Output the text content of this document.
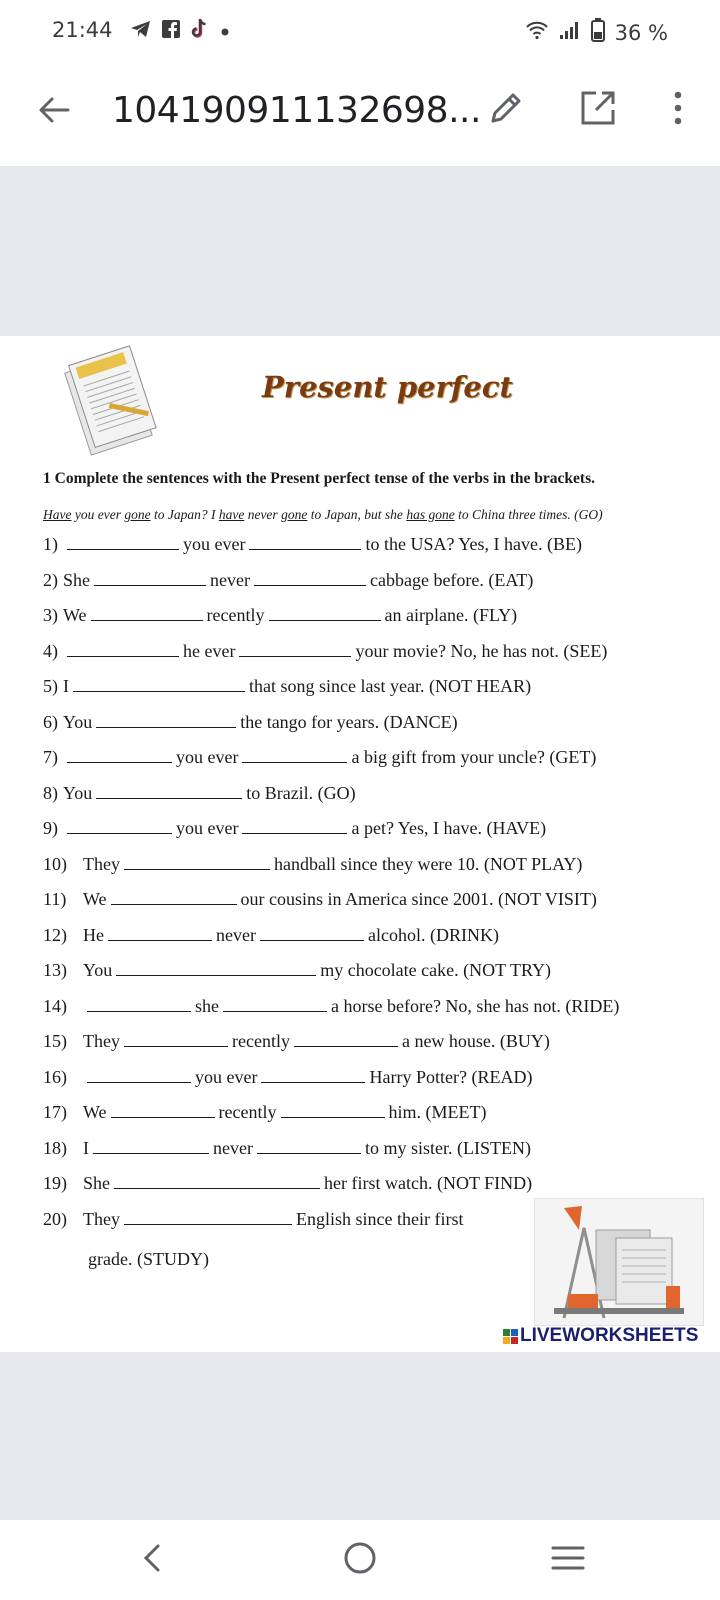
21:44	36 %
104190911132698...
Present perfect
1 Complete the sentences with the Present perfect tense of the verbs in the brackets.
Have you ever gone to Japan? I have never gone to Japan, but she has gone to China three times. (GO)
1)	you ever	to the USA? Yes, I have. (BE)
2) She	never	cabbage before. (EAT)
3) We	recently	an airplane. (FLY)
4)	he ever	your movie? No, he has not. (SEE)
5) I	that song since last year. (NOT HEAR)
6) You	the tango for years. (DANCE)
7)	you ever	a big gift from your uncle? (GET)
8) You	to Brazil. (GO)
9)	you ever	a pet? Yes, I have. (HAVE)
10) They	handball since they were 10. (NOT PLAY)
11) We	our cousins in America since 2001. (NOT VISIT)
12) He	never	alcohol. (DRINK)
13) You	my chocolate cake. (NOT TRY)
14)	she	a horse before? No, she has not. (RIDE)
15) They	recently	a new house. (BUY)
16)	you ever	Harry Potter? (READ)
17) We	recently	him. (MEET)
18) I	never	to my sister. (LISTEN)
19) She	her first watch. (NOT FIND)
20) They	English since their first
grade. (STUDY)
LIVEWORKSHEETS
